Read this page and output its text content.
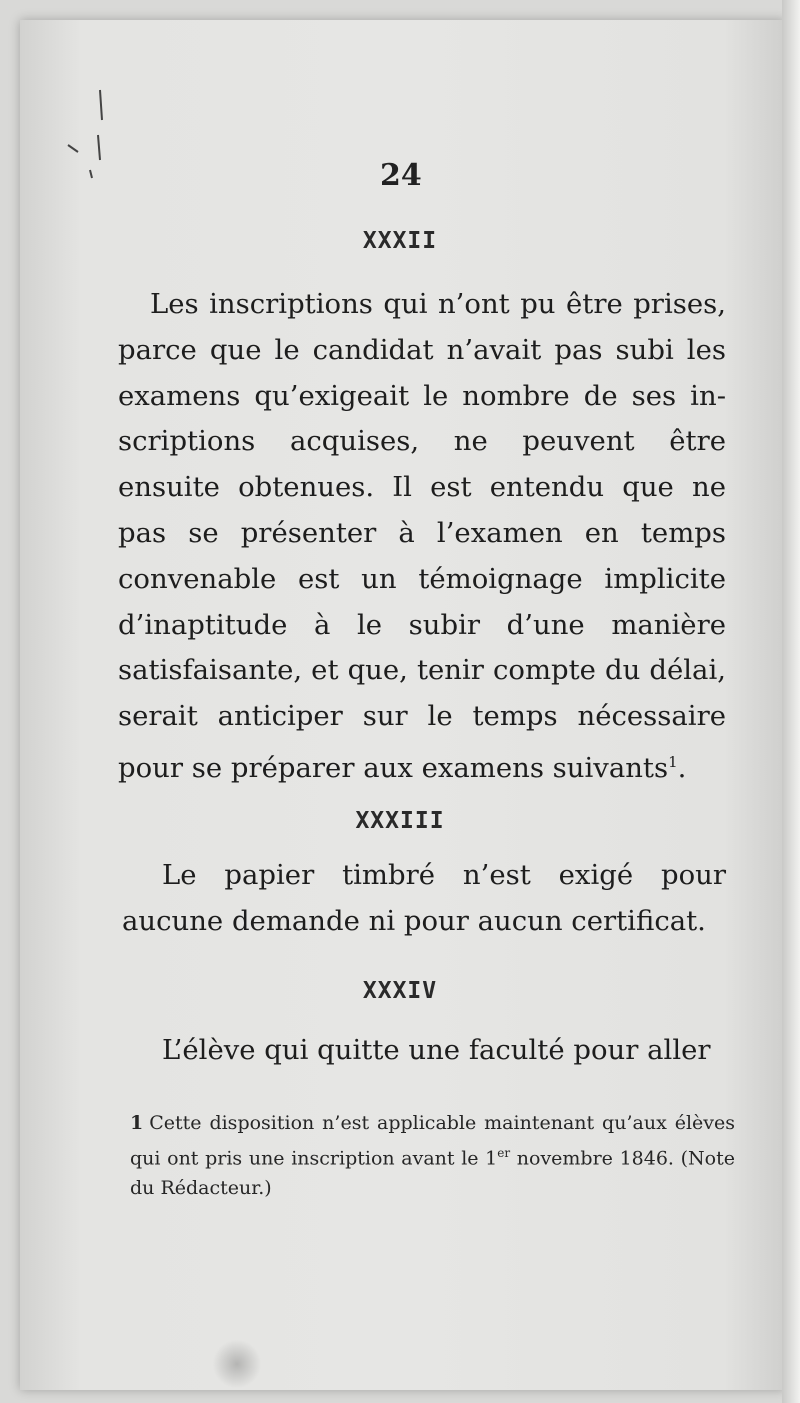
24
XXXII
Les inscriptions qui n’ont pu être prises, parce que le candidat n’avait pas subi les examens qu’exigeait le nombre de ses inscriptions acquises, ne peuvent être ensuite obtenues. Il est entendu que ne pas se présenter à l’examen en temps convenable est un témoignage implicite d’inaptitude à le subir d’une manière satisfaisante, et que, tenir compte du délai, serait anticiper sur le temps nécessaire pour se préparer aux examens suivants$^1$.
XXXIII
Le papier timbré n’est exigé pour aucune demande ni pour aucun certificat.
XXXIV
L’élève qui quitte une faculté pour aller
1 Cette disposition n’est applicable maintenant qu’aux élèves qui ont pris une inscription avant le 1er novembre 1846. (Note du Rédacteur.)
